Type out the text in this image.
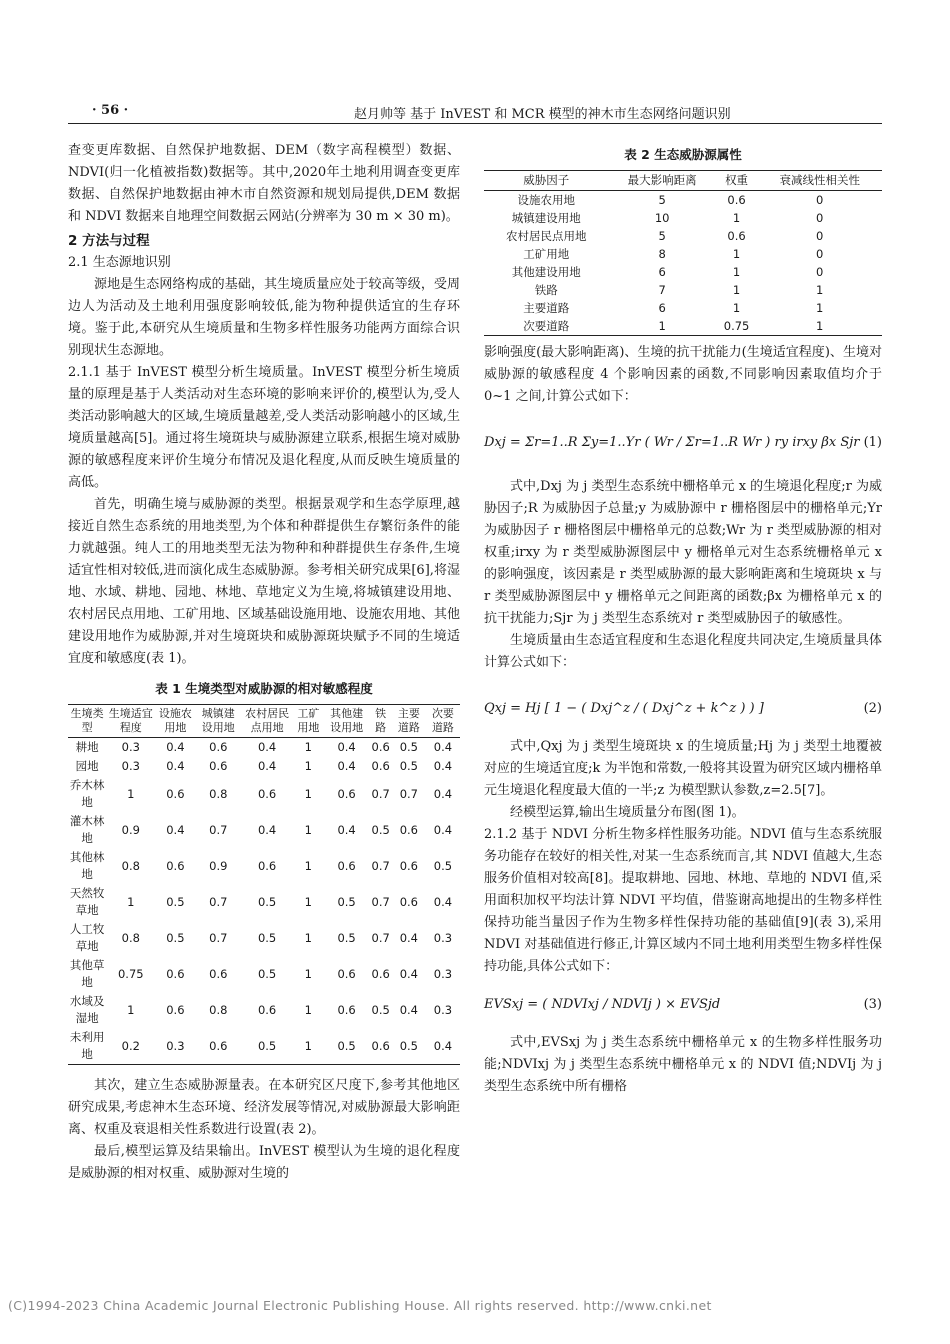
· 56 ·	赵月帅等 基于 InVEST 和 MCR 模型的神木市生态网络问题识别

查变更库数据、自然保护地数据、DEM（数字高程模型）数据、NDVI(归一化植被指数)数据等。其中,2020年土地利用调查变更库数据、自然保护地数据由神木市自然资源和规划局提供,DEM 数据和 NDVI 数据来自地理空间数据云网站(分辨率为 30 m × 30 m)。

2 方法与过程
2.1 生态源地识别

源地是生态网络构成的基础，其生境质量应处于较高等级，受周边人为活动及土地利用强度影响较低,能为物种提供适宜的生存环境。鉴于此,本研究从生境质量和生物多样性服务功能两方面综合识别现状生态源地。

2.1.1 基于 InVEST 模型分析生境质量。InVEST 模型分析生境质量的原理是基于人类活动对生态环境的影响来评价的,模型认为,受人类活动影响越大的区域,生境质量越差,受人类活动影响越小的区域,生境质量越高[5]。通过将生境斑块与威胁源建立联系,根据生境对威胁源的敏感程度来评价生境分布情况及退化程度,从而反映生境质量的高低。

首先，明确生境与威胁源的类型。根据景观学和生态学原理,越接近自然生态系统的用地类型,为个体和种群提供生存繁衍条件的能力就越强。纯人工的用地类型无法为物种和种群提供生存条件,生境适宜性相对较低,进而演化成生态威胁源。参考相关研究成果[6],将湿地、水域、耕地、园地、林地、草地定义为生境,将城镇建设用地、农村居民点用地、工矿用地、区域基础设施用地、设施农用地、其他建设用地作为威胁源,并对生境斑块和威胁源斑块赋予不同的生境适宜度和敏感度(表 1)。

表 1 生境类型对威胁源的相对敏感程度
生境类型	生境适宜程度	设施农用地	城镇建设用地	农村居民点用地	工矿用地	其他建设用地	铁路	主要道路	次要道路
耕地	0.3	0.4	0.6	0.4	1	0.4	0.6	0.5	0.4
园地	0.3	0.4	0.6	0.4	1	0.4	0.6	0.5	0.4
乔木林地	1	0.6	0.8	0.6	1	0.6	0.7	0.7	0.4
灌木林地	0.9	0.4	0.7	0.4	1	0.4	0.5	0.6	0.4
其他林地	0.8	0.6	0.9	0.6	1	0.6	0.7	0.6	0.5
天然牧草地	1	0.5	0.7	0.5	1	0.5	0.7	0.6	0.4
人工牧草地	0.8	0.5	0.7	0.5	1	0.5	0.7	0.4	0.3
其他草地	0.75	0.6	0.6	0.5	1	0.6	0.6	0.4	0.3
水域及湿地	1	0.6	0.8	0.6	1	0.6	0.5	0.4	0.3
未利用地	0.2	0.3	0.6	0.5	1	0.5	0.6	0.5	0.4

其次，建立生态威胁源量表。在本研究区尺度下,参考其他地区研究成果,考虑神木生态环境、经济发展等情况,对威胁源最大影响距离、权重及衰退相关性系数进行设置(表 2)。

最后,模型运算及结果输出。InVEST 模型认为生境的退化程度是威胁源的相对权重、威胁源对生境的

表 2 生态威胁源属性
威胁因子	最大影响距离	权重	衰减线性相关性
设施农用地	5	0.6	0
城镇建设用地	10	1	0
农村居民点用地	5	0.6	0
工矿用地	8	1	0
其他建设用地	6	1	0
铁路	7	1	1
主要道路	6	1	1
次要道路	1	0.75	1

影响强度(最大影响距离)、生境的抗干扰能力(生境适宜程度)、生境对威胁源的敏感程度 4 个影响因素的函数,不同影响因素取值均介于 0~1 之间,计算公式如下：

Dxj = Σr=1..R Σy=1..Yr ( Wr / Σr=1..R Wr ) ry irxy βx Sjr (1)

式中,Dxj 为 j 类型生态系统中栅格单元 x 的生境退化程度;r 为威胁因子;R 为威胁因子总量;y 为威胁源中 r 栅格图层中的栅格单元;Yr 为威胁因子 r 栅格图层中栅格单元的总数;Wr 为 r 类型威胁源的相对权重;irxy 为 r 类型威胁源图层中 y 栅格单元对生态系统栅格单元 x 的影响强度，该因素是 r 类型威胁源的最大影响距离和生境斑块 x 与 r 类型威胁源图层中 y 栅格单元之间距离的函数;βx 为栅格单元 x 的抗干扰能力;Sjr 为 j 类型生态系统对 r 类型威胁因子的敏感性。

生境质量由生态适宜程度和生态退化程度共同决定,生境质量具体计算公式如下：

Qxj = Hj [ 1 − ( Dxj^z / ( Dxj^z + k^z ) ) ]	(2)

式中,Qxj 为 j 类型生境斑块 x 的生境质量;Hj 为 j 类型土地覆被对应的生境适宜度;k 为半饱和常数,一般将其设置为研究区域内栅格单元生境退化程度最大值的一半;z 为模型默认参数,z=2.5[7]。

经模型运算,输出生境质量分布图(图 1)。

2.1.2 基于 NDVI 分析生物多样性服务功能。NDVI 值与生态系统服务功能存在较好的相关性,对某一生态系统而言,其 NDVI 值越大,生态服务价值相对较高[8]。提取耕地、园地、林地、草地的 NDVI 值,采用面积加权平均法计算 NDVI 平均值，借鉴谢高地提出的生物多样性保持功能当量因子作为生物多样性保持功能的基础值[9](表 3),采用 NDVI 对基础值进行修正,计算区域内不同土地利用类型生物多样性保持功能,具体公式如下：

EVSxj = ( NDVIxj / NDVIj ) × EVSjd	(3)

式中,EVSxj 为 j 类生态系统中栅格单元 x 的生物多样性服务功能;NDVIxj 为 j 类型生态系统中栅格单元 x 的 NDVI 值;NDVIj 为 j 类型生态系统中所有栅格

(C)1994-2023 China Academic Journal Electronic Publishing House. All rights reserved. http://www.cnki.net
